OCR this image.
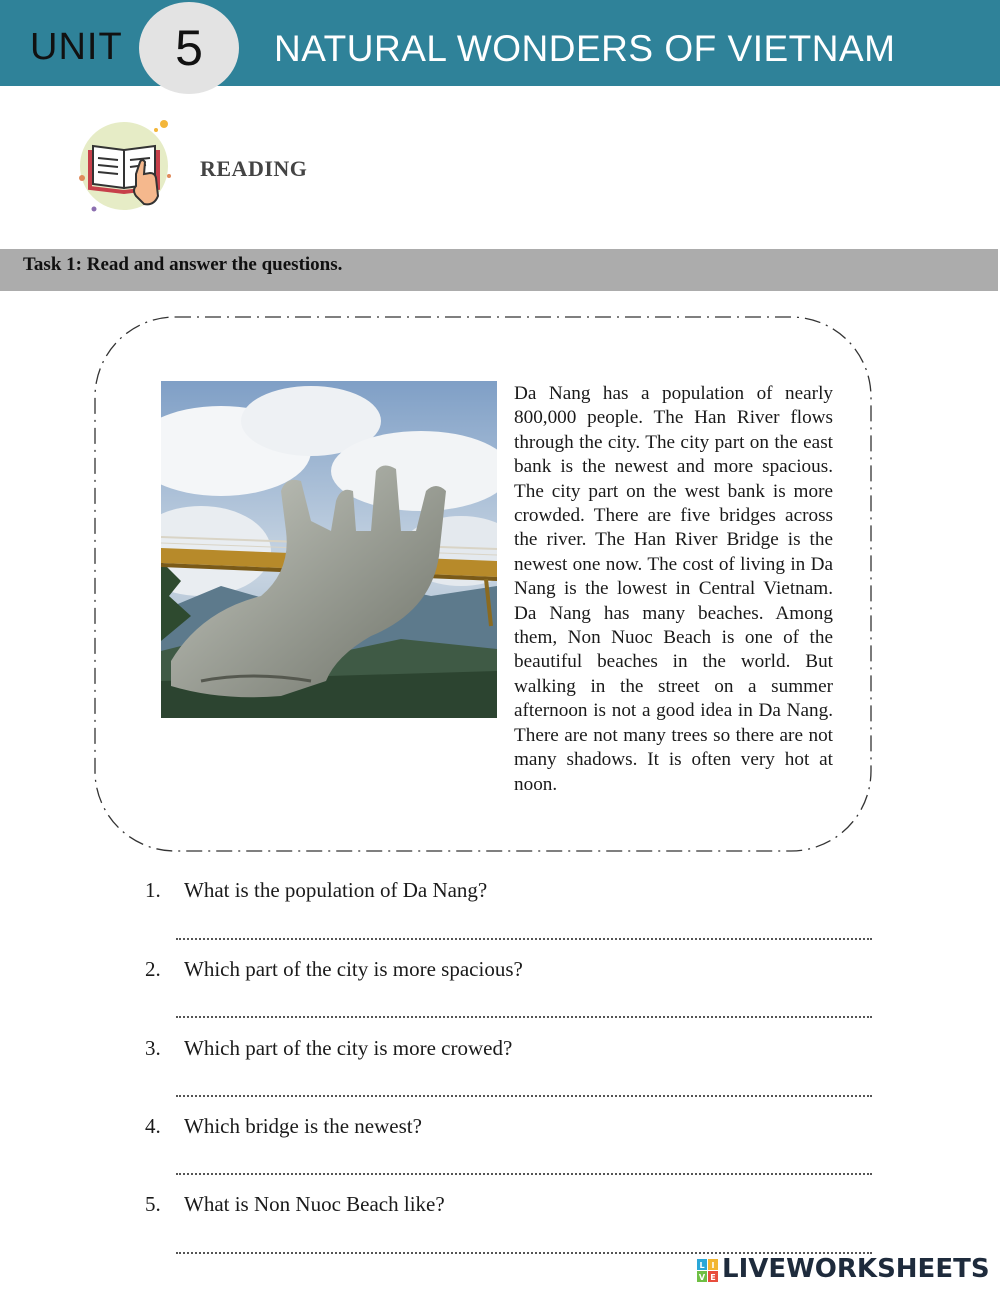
UNIT 5 NATURAL WONDERS OF VIETNAM
READING
Task 1: Read and answer the questions.
Da Nang has a population of nearly 800,000 people. The Han River flows through the city. The city part on the east bank is the newest and more spacious. The city part on the west bank is more crowded. There are five bridges across the river. The Han River Bridge is the newest one now. The cost of living in Da Nang is the lowest in Central Vietnam. Da Nang has many beaches. Among them, Non Nuoc Beach is one of the beautiful beaches in the world. But walking in the street on a summer afternoon is not a good idea in Da Nang. There are not many trees so there are not many shadows. It is often very hot at noon.
1. What is the population of Da Nang?
2. Which part of the city is more spacious?
3. Which part of the city is more crowed?
4. Which bridge is the newest?
5. What is Non Nuoc Beach like?
L I
V E LIVEWORKSHEETS
